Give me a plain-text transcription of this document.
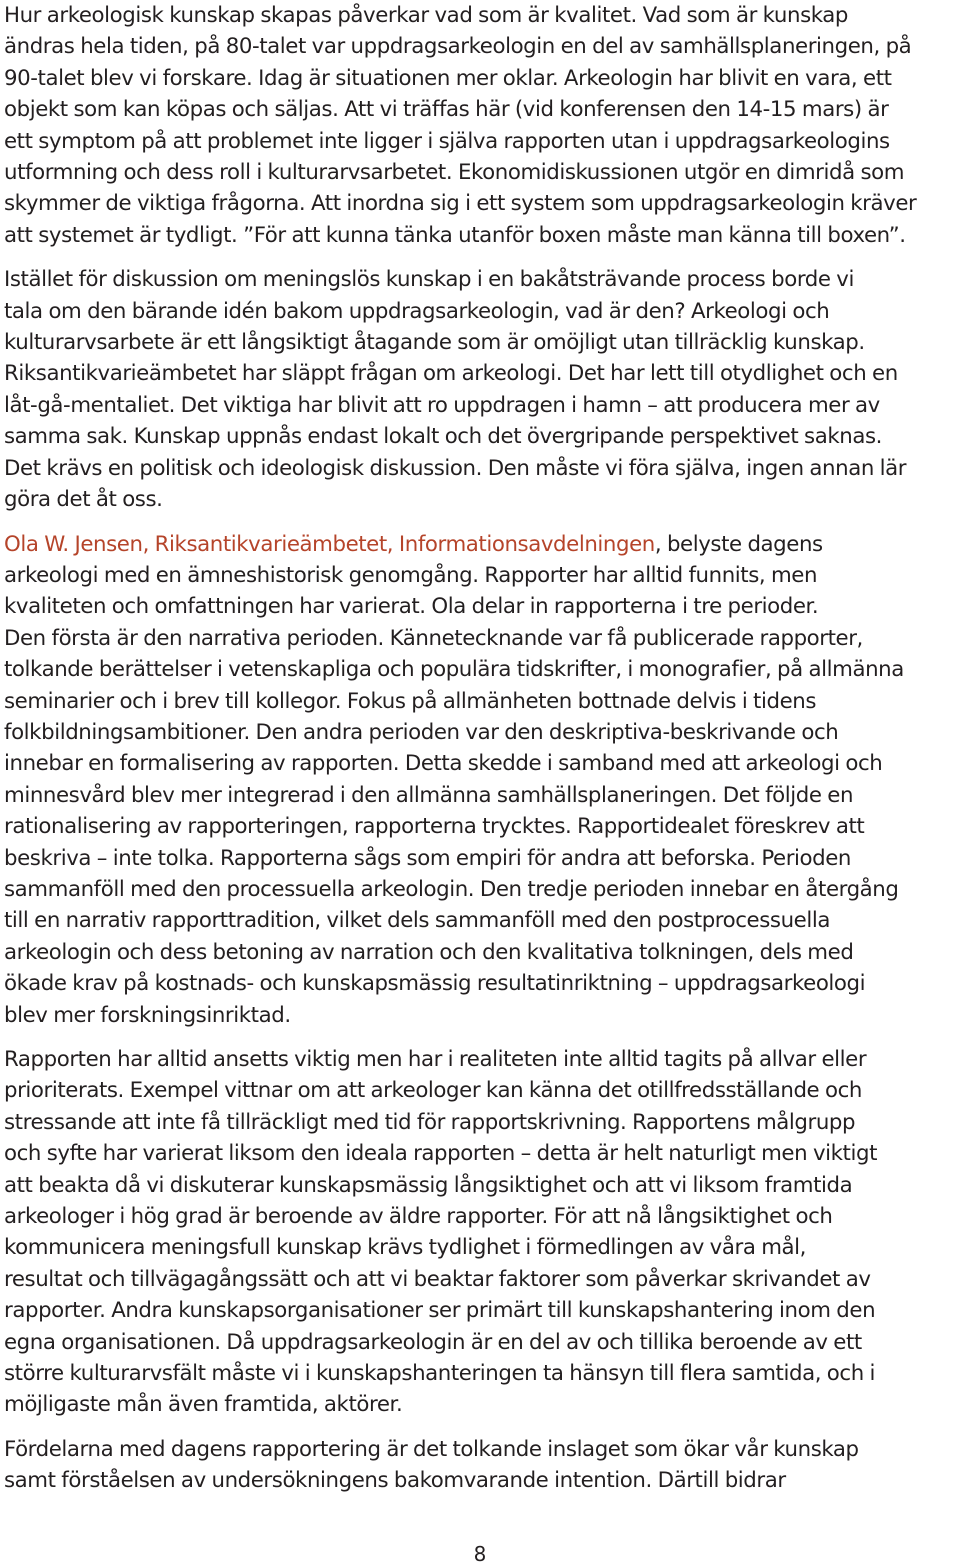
Hur arkeologisk kunskap skapas påverkar vad som är kvalitet. Vad som är kunskap
ändras hela tiden, på 80-talet var uppdragsarkeologin en del av samhällsplaneringen, på
90-talet blev vi forskare. Idag är situationen mer oklar. Arkeologin har blivit en vara, ett
objekt som kan köpas och säljas. Att vi träffas här (vid konferensen den 14-15 mars) är
ett symptom på att problemet inte ligger i själva rapporten utan i uppdragsarkeologins
utformning och dess roll i kulturarvsarbetet. Ekonomidiskussionen utgör en dimridå som
skymmer de viktiga frågorna. Att inordna sig i ett system som uppdragsarkeologin kräver
att systemet är tydligt. ”För att kunna tänka utanför boxen måste man känna till boxen”.

Istället för diskussion om meningslös kunskap i en bakåtsträvande process borde vi
tala om den bärande idén bakom uppdragsarkeologin, vad är den? Arkeologi och
kulturarvsarbete är ett långsiktigt åtagande som är omöjligt utan tillräcklig kunskap.
Riksantikvarieämbetet har släppt frågan om arkeologi. Det har lett till otydlighet och en
låt-gå-mentaliet. Det viktiga har blivit att ro uppdragen i hamn – att producera mer av
samma sak. Kunskap uppnås endast lokalt och det övergripande perspektivet saknas.
Det krävs en politisk och ideologisk diskussion. Den måste vi föra själva, ingen annan lär
göra det åt oss.

Ola W. Jensen, Riksantikvarieämbetet, Informationsavdelningen, belyste dagens
arkeologi med en ämneshistorisk genomgång. Rapporter har alltid funnits, men
kvaliteten och omfattningen har varierat. Ola delar in rapporterna i tre perioder.
Den första är den narrativa perioden. Kännetecknande var få publicerade rapporter,
tolkande berättelser i vetenskapliga och populära tidskrifter, i monografier, på allmänna
seminarier och i brev till kollegor. Fokus på allmänheten bottnade delvis i tidens
folkbildningsambitioner. Den andra perioden var den deskriptiva-beskrivande och
innebar en formalisering av rapporten. Detta skedde i samband med att arkeologi och
minnesvård blev mer integrerad i den allmänna samhällsplaneringen. Det följde en
rationalisering av rapporteringen, rapporterna trycktes. Rapportidealet föreskrev att
beskriva – inte tolka. Rapporterna sågs som empiri för andra att beforska. Perioden
sammanföll med den processuella arkeologin. Den tredje perioden innebar en återgång
till en narrativ rapporttradition, vilket dels sammanföll med den postprocessuella
arkeologin och dess betoning av narration och den kvalitativa tolkningen, dels med
ökade krav på kostnads- och kunskapsmässig resultatinriktning – uppdragsarkeologi
blev mer forskningsinriktad.

Rapporten har alltid ansetts viktig men har i realiteten inte alltid tagits på allvar eller
prioriterats. Exempel vittnar om att arkeologer kan känna det otillfredsställande och
stressande att inte få tillräckligt med tid för rapportskrivning. Rapportens målgrupp
och syfte har varierat liksom den ideala rapporten – detta är helt naturligt men viktigt
att beakta då vi diskuterar kunskapsmässig långsiktighet och att vi liksom framtida
arkeologer i hög grad är beroende av äldre rapporter. För att nå långsiktighet och
kommunicera meningsfull kunskap krävs tydlighet i förmedlingen av våra mål,
resultat och tillvägagångssätt och att vi beaktar faktorer som påverkar skrivandet av
rapporter. Andra kunskapsorganisationer ser primärt till kunskapshantering inom den
egna organisationen. Då uppdragsarkeologin är en del av och tillika beroende av ett
större kulturarvsfält måste vi i kunskapshanteringen ta hänsyn till flera samtida, och i
möjligaste mån även framtida, aktörer.

Fördelarna med dagens rapportering är det tolkande inslaget som ökar vår kunskap
samt förståelsen av undersökningens bakomvarande intention. Därtill bidrar

8
